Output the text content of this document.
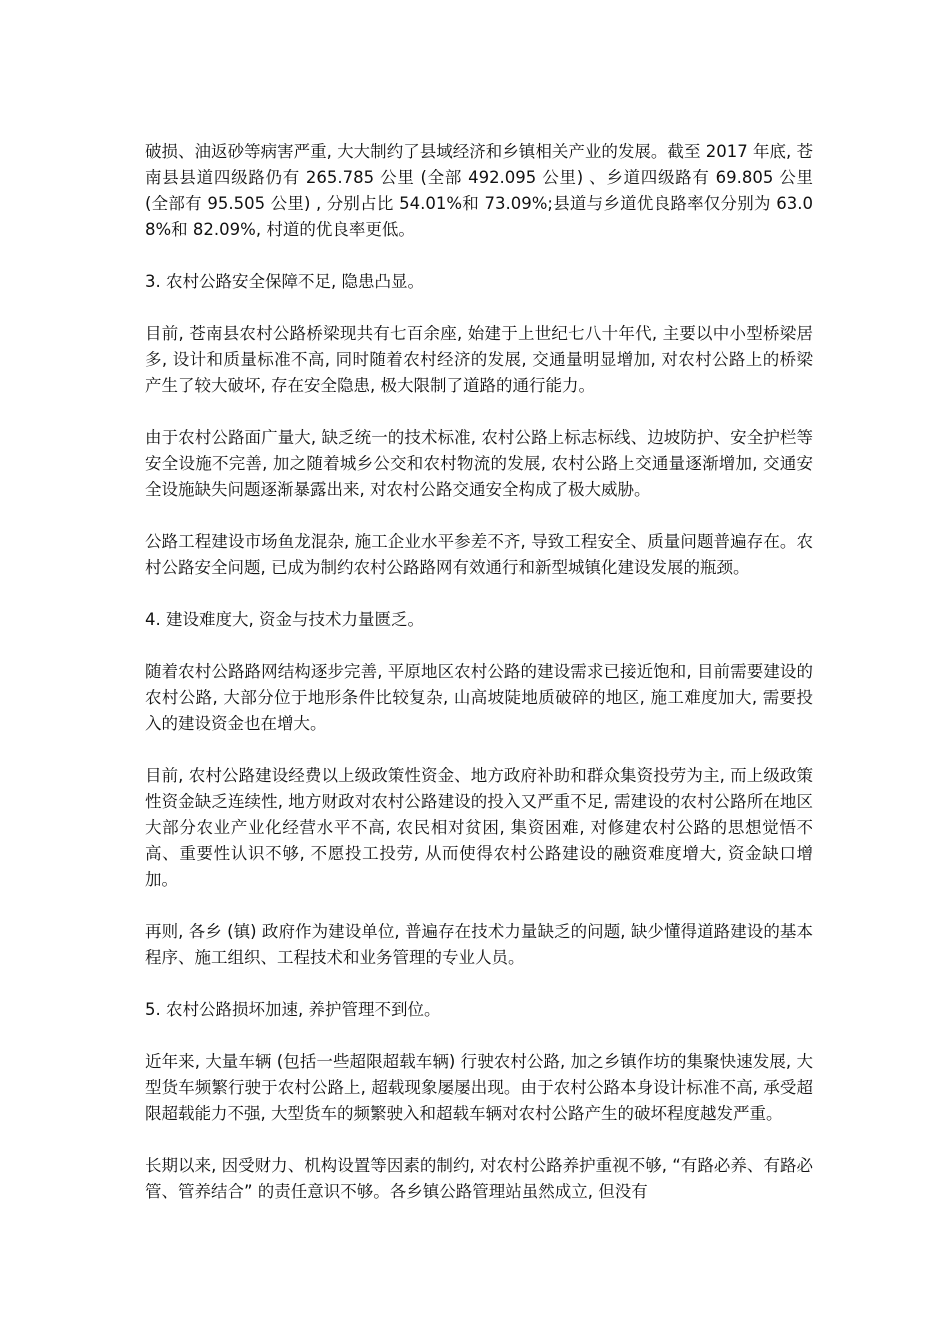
破损、油返砂等病害严重, 大大制约了县域经济和乡镇相关产业的发展。截至 2017 年底, 苍南县县道四级路仍有 265.785 公里 (全部 492.095 公里) 、乡道四级路有 69.805 公里 (全部有 95.505 公里) , 分别占比 54.01%和 73.09%;县道与乡道优良路率仅分别为 63.08%和 82.09%, 村道的优良率更低。

3. 农村公路安全保障不足, 隐患凸显。

目前, 苍南县农村公路桥梁现共有七百余座, 始建于上世纪七八十年代, 主要以中小型桥梁居多, 设计和质量标准不高, 同时随着农村经济的发展, 交通量明显增加, 对农村公路上的桥梁产生了较大破坏, 存在安全隐患, 极大限制了道路的通行能力。

由于农村公路面广量大, 缺乏统一的技术标准, 农村公路上标志标线、边坡防护、安全护栏等安全设施不完善, 加之随着城乡公交和农村物流的发展, 农村公路上交通量逐渐增加, 交通安全设施缺失问题逐渐暴露出来, 对农村公路交通安全构成了极大威胁。

公路工程建设市场鱼龙混杂, 施工企业水平参差不齐, 导致工程安全、质量问题普遍存在。农村公路安全问题, 已成为制约农村公路路网有效通行和新型城镇化建设发展的瓶颈。

4. 建设难度大, 资金与技术力量匮乏。

随着农村公路路网结构逐步完善, 平原地区农村公路的建设需求已接近饱和, 目前需要建设的农村公路, 大部分位于地形条件比较复杂, 山高坡陡地质破碎的地区, 施工难度加大, 需要投入的建设资金也在增大。

目前, 农村公路建设经费以上级政策性资金、地方政府补助和群众集资投劳为主, 而上级政策性资金缺乏连续性, 地方财政对农村公路建设的投入又严重不足, 需建设的农村公路所在地区大部分农业产业化经营水平不高, 农民相对贫困, 集资困难, 对修建农村公路的思想觉悟不高、重要性认识不够, 不愿投工投劳, 从而使得农村公路建设的融资难度增大, 资金缺口增加。

再则, 各乡 (镇) 政府作为建设单位, 普遍存在技术力量缺乏的问题, 缺少懂得道路建设的基本程序、施工组织、工程技术和业务管理的专业人员。

5. 农村公路损坏加速, 养护管理不到位。

近年来, 大量车辆 (包括一些超限超载车辆) 行驶农村公路, 加之乡镇作坊的集聚快速发展, 大型货车频繁行驶于农村公路上, 超载现象屡屡出现。由于农村公路本身设计标准不高, 承受超限超载能力不强, 大型货车的频繁驶入和超载车辆对农村公路产生的破坏程度越发严重。

长期以来, 因受财力、机构设置等因素的制约, 对农村公路养护重视不够, “有路必养、有路必管、管养结合” 的责任意识不够。各乡镇公路管理站虽然成立, 但没有
